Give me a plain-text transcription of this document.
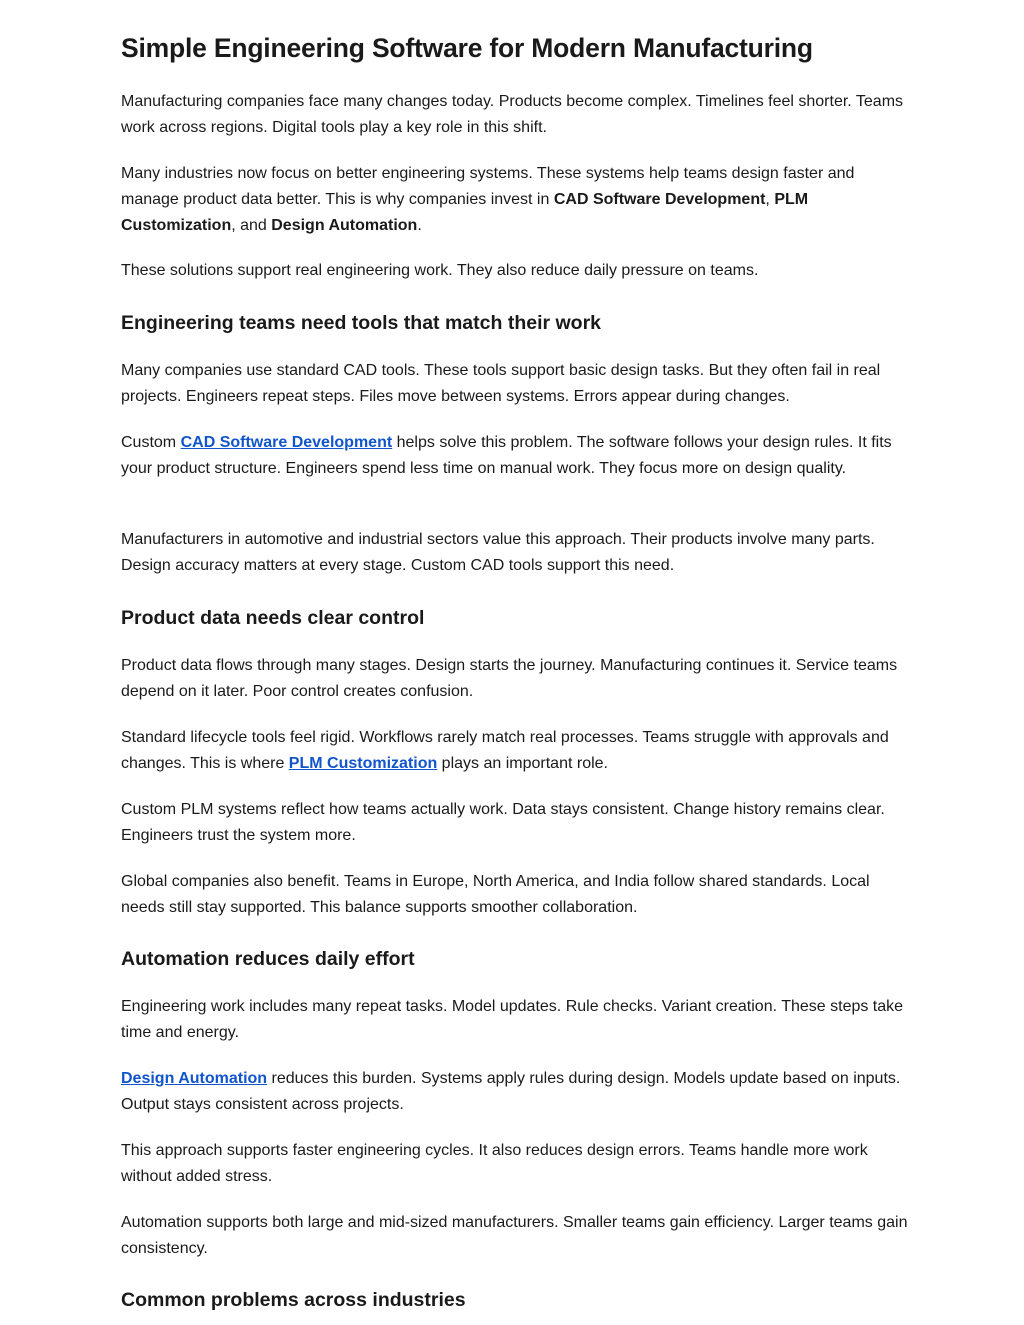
Simple Engineering Software for Modern Manufacturing

Manufacturing companies face many changes today. Products become complex. Timelines feel shorter. Teams work across regions. Digital tools play a key role in this shift.

Many industries now focus on better engineering systems. These systems help teams design faster and manage product data better. This is why companies invest in CAD Software Development, PLM Customization, and Design Automation.

These solutions support real engineering work. They also reduce daily pressure on teams.

Engineering teams need tools that match their work

Many companies use standard CAD tools. These tools support basic design tasks. But they often fail in real projects. Engineers repeat steps. Files move between systems. Errors appear during changes.

Custom CAD Software Development helps solve this problem. The software follows your design rules. It fits your product structure. Engineers spend less time on manual work. They focus more on design quality.

Manufacturers in automotive and industrial sectors value this approach. Their products involve many parts. Design accuracy matters at every stage. Custom CAD tools support this need.

Product data needs clear control

Product data flows through many stages. Design starts the journey. Manufacturing continues it. Service teams depend on it later. Poor control creates confusion.

Standard lifecycle tools feel rigid. Workflows rarely match real processes. Teams struggle with approvals and changes. This is where PLM Customization plays an important role.

Custom PLM systems reflect how teams actually work. Data stays consistent. Change history remains clear. Engineers trust the system more.

Global companies also benefit. Teams in Europe, North America, and India follow shared standards. Local needs still stay supported. This balance supports smoother collaboration.

Automation reduces daily effort

Engineering work includes many repeat tasks. Model updates. Rule checks. Variant creation. These steps take time and energy.

Design Automation reduces this burden. Systems apply rules during design. Models update based on inputs. Output stays consistent across projects.

This approach supports faster engineering cycles. It also reduces design errors. Teams handle more work without added stress.

Automation supports both large and mid-sized manufacturers. Smaller teams gain efficiency. Larger teams gain consistency.

Common problems across industries
